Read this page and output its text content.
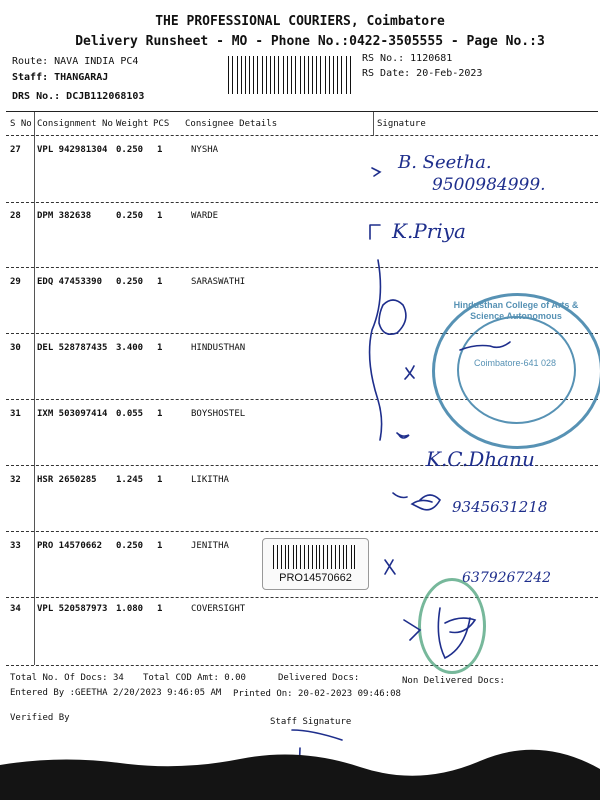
THE PROFESSIONAL COURIERS, Coimbatore
Delivery Runsheet - MO - Phone No.:0422-3505555 - Page No.:3
Route: NAVA INDIA PC4
Staff: THANGARAJ
DRS No.: DCJB112068103
RS No.: 1120681
RS Date: 20-Feb-2023
S No Consignment No Weight PCS Consignee Details	Signature
27 VPL 942981304 0.250 1	NYSHA
28 DPM 382638	0.250 1	WARDE
29 EDQ 47453390 0.250 1	SARASWATHI
30 DEL 528787435 3.400 1	HINDUSTHAN
31 IXM 503097414 0.055 1	BOYSHOSTEL
32 HSR 2650285 1.245 1	LIKITHA
33 PRO 14570662 0.250 1	JENITHA
34 VPL 520587973 1.080 1	COVERSIGHT
PRO14570662
Hindusthan College of Arts & Science Autonomous
Coimbatore-641 028
B. Seetha.
9500984999.
K.Priya
K.C.Dhanu
9345631218
6379267242
Total No. Of Docs: 34 Total COD Amt: 0.00	Delivered Docs:	Non Delivered Docs:
Entered By :GEETHA 2/20/2023 9:46:05 AM Printed On: 20-02-2023 09:46:08
Verified By	Staff Signature
